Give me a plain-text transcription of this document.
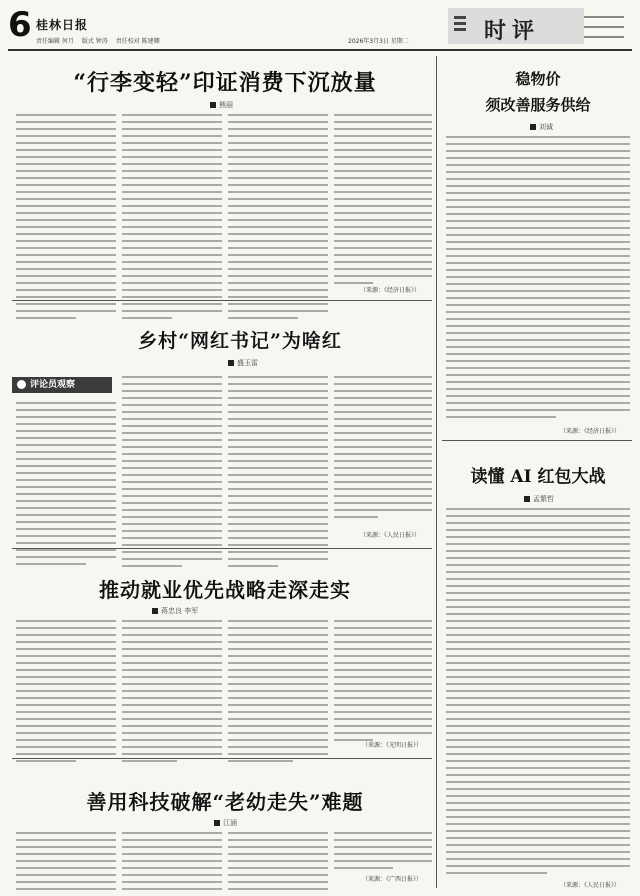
6 桂林日报
责任编辑 何月 版式 钟涛 责任校对 陈建卿	2026年3月3日 星期二	时评
“行李变轻”印证消费下沉放量
熊丽
（来源：《经济日报》）
乡村“网红书记”为啥红
盛玉雷
评论员观察
（来源：《人民日报》）
推动就业优先战略走深走实
蒋忠良 李军
（来源：《光明日报》）
善用科技破解“老幼走失”难题
江涵
（来源：《广西日报》）
稳物价
须改善服务供给
刘诚
（来源：《经济日报》）
读懂 AI 红包大战
孟繁哲
（来源：《人民日报》）
